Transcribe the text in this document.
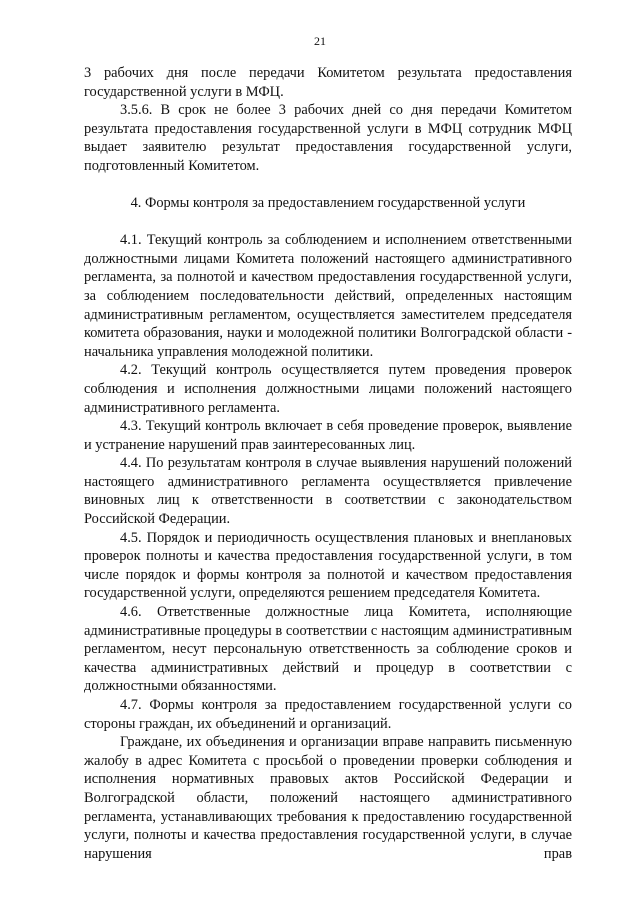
21

3 рабочих дня после передачи Комитетом результата предоставления государственной услуги в МФЦ.

3.5.6. В срок не более 3 рабочих дней со дня передачи Комитетом результата предоставления государственной услуги в МФЦ сотрудник МФЦ выдает заявителю результат предоставления государственной услуги, подготовленный Комитетом.

4. Формы контроля за предоставлением государственной услуги

4.1. Текущий контроль за соблюдением и исполнением ответственными должностными лицами Комитета положений настоящего административного регламента, за полнотой и качеством предоставления государственной услуги, за соблюдением последовательности действий, определенных настоящим административным регламентом, осуществляется заместителем председателя комитета образования, науки и молодежной политики Волгоградской области - начальника управления молодежной политики.

4.2. Текущий контроль осуществляется путем проведения проверок соблюдения и исполнения должностными лицами положений настоящего административного регламента.

4.3. Текущий контроль включает в себя проведение проверок, выявление и устранение нарушений прав заинтересованных лиц.

4.4. По результатам контроля в случае выявления нарушений положений настоящего административного регламента осуществляется привлечение виновных лиц к ответственности в соответствии с законодательством Российской Федерации.

4.5. Порядок и периодичность осуществления плановых и внеплановых проверок полноты и качества предоставления государственной услуги, в том числе порядок и формы контроля за полнотой и качеством предоставления государственной услуги, определяются решением председателя Комитета.

4.6. Ответственные должностные лица Комитета, исполняющие административные процедуры в соответствии с настоящим административным регламентом, несут персональную ответственность за соблюдение сроков и качества административных действий и процедур в соответствии с должностными обязанностями.

4.7. Формы контроля за предоставлением государственной услуги со стороны граждан, их объединений и организаций.

Граждане, их объединения и организации вправе направить письменную жалобу в адрес Комитета с просьбой о проведении проверки соблюдения и исполнения нормативных правовых актов Российской Федерации и Волгоградской области, положений настоящего административного регламента, устанавливающих требования к предоставлению государственной услуги, полноты и качества предоставления государственной услуги, в случае нарушения прав
